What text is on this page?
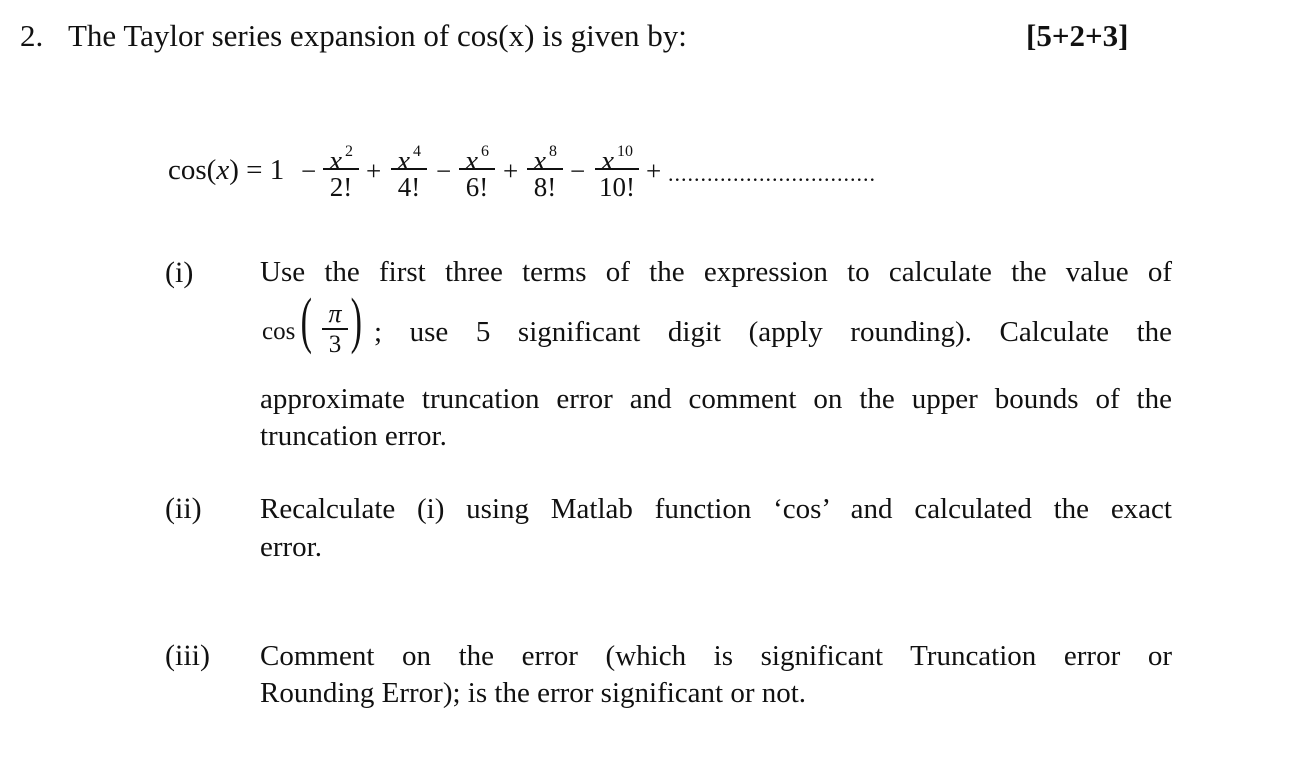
2. The Taylor series expansion of cos(x) is given by:	[5+2+3]
cos(x) = 1 − x $^2$
2!
+ x $^4$
4!
− x $^6$
6!
+ x $^8$
8!
− x $^{10}$
10!
+ ................................
(i) Use the first three terms of the expression to calculate the value of
cos ( π
3 ) ; use 5 significant digit (apply rounding). Calculate the
approximate truncation error and comment on the upper bounds of the
truncation error.
(ii) Recalculate (i) using Matlab function ‘cos’ and calculated the exact
error.
(iii) Comment on the error (which is significant Truncation error or
Rounding Error); is the error significant or not.
